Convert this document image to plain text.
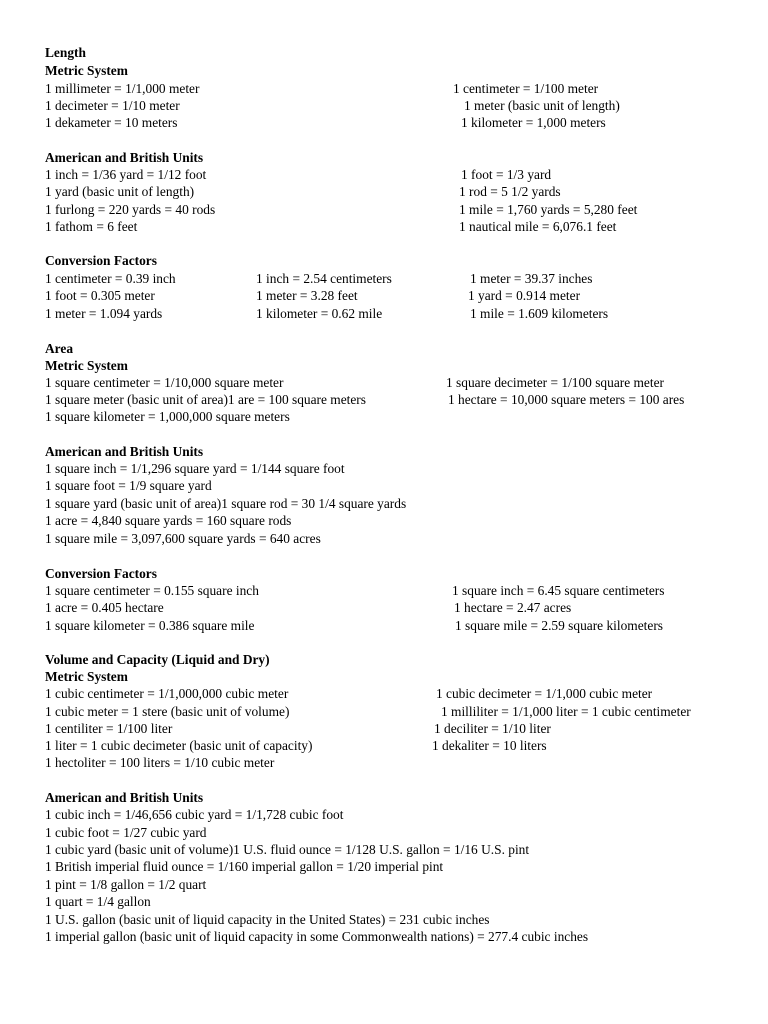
Length
Metric System
1 millimeter = 1/1,000 meter
1 decimeter = 1/10 meter
1 dekameter = 10 meters
1 centimeter = 1/100 meter
1 meter (basic unit of length)
1 kilometer = 1,000 meters
American and British Units
1 inch = 1/36 yard = 1/12 foot
1 yard (basic unit of length)
1 furlong = 220 yards = 40 rods
1 fathom = 6 feet
1 foot = 1/3 yard
1 rod = 5 1/2 yards
1 mile = 1,760 yards = 5,280 feet
1 nautical mile = 6,076.1 feet
Conversion Factors
1 centimeter = 0.39 inch
1 foot = 0.305 meter
1 meter = 1.094 yards
1 inch = 2.54 centimeters
1 meter = 3.28 feet
1 kilometer = 0.62 mile
1 meter = 39.37 inches
1 yard = 0.914 meter
1 mile = 1.609 kilometers
Area
Metric System
1 square centimeter = 1/10,000 square meter
1 square meter (basic unit of area)1 are = 100 square meters
1 square kilometer = 1,000,000 square meters
1 square decimeter = 1/100 square meter
1 hectare = 10,000 square meters = 100 ares
American and British Units
1 square inch = 1/1,296 square yard = 1/144 square foot
1 square foot = 1/9 square yard
1 square yard (basic unit of area)1 square rod = 30 1/4 square yards
1 acre = 4,840 square yards = 160 square rods
1 square mile = 3,097,600 square yards = 640 acres
Conversion Factors
1 square centimeter = 0.155 square inch
1 acre = 0.405 hectare
1 square kilometer = 0.386 square mile
1 square inch = 6.45 square centimeters
1 hectare = 2.47 acres
1 square mile = 2.59 square kilometers
Volume and Capacity (Liquid and Dry)
Metric System
1 cubic centimeter = 1/1,000,000 cubic meter
1 cubic meter = 1 stere (basic unit of volume)
1 centiliter = 1/100 liter
1 liter = 1 cubic decimeter (basic unit of capacity)
1 hectoliter = 100 liters = 1/10 cubic meter
1 cubic decimeter = 1/1,000 cubic meter
1 milliliter = 1/1,000 liter = 1 cubic centimeter
1 deciliter = 1/10 liter
1 dekaliter = 10 liters
American and British Units
1 cubic inch = 1/46,656 cubic yard = 1/1,728 cubic foot
1 cubic foot = 1/27 cubic yard
1 cubic yard (basic unit of volume)1 U.S. fluid ounce = 1/128 U.S. gallon = 1/16 U.S. pint
1 British imperial fluid ounce = 1/160 imperial gallon = 1/20 imperial pint
1 pint = 1/8 gallon = 1/2 quart
1 quart = 1/4 gallon
1 U.S. gallon (basic unit of liquid capacity in the United States) = 231 cubic inches
1 imperial gallon (basic unit of liquid capacity in some Commonwealth nations) = 277.4 cubic inches
